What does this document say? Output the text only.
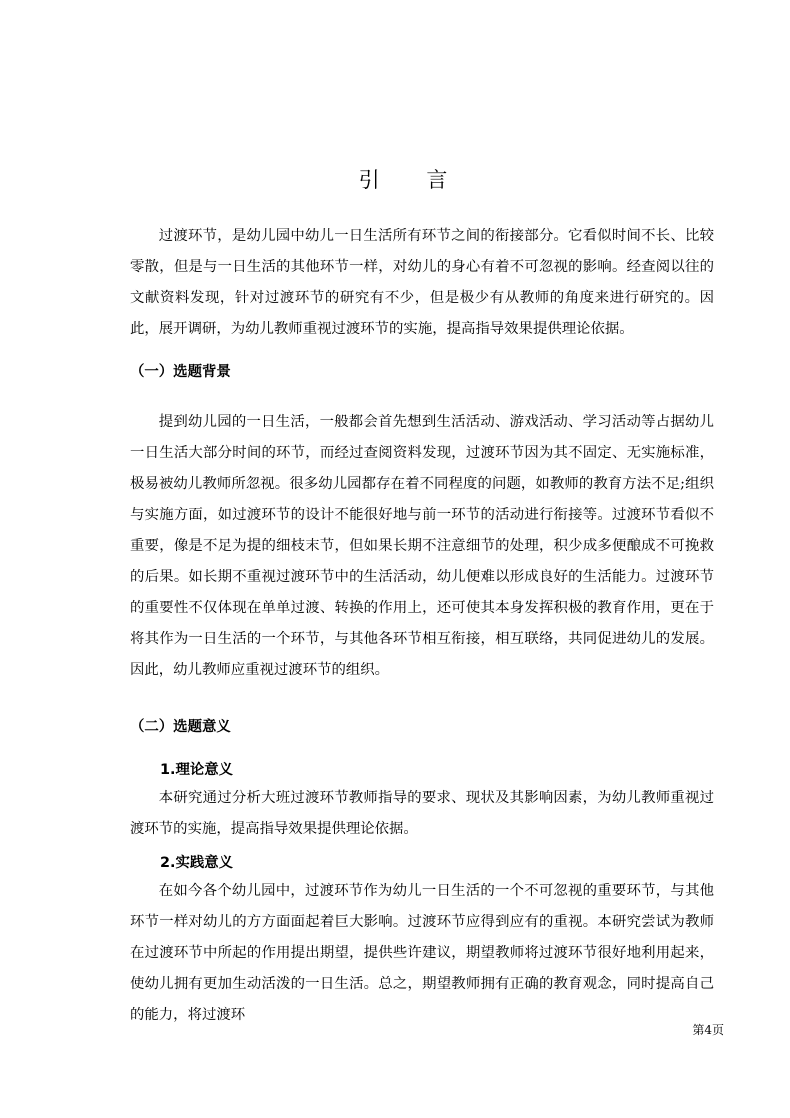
引 言

过渡环节，是幼儿园中幼儿一日生活所有环节之间的衔接部分。它看似时间不长、比较零散，但是与一日生活的其他环节一样，对幼儿的身心有着不可忽视的影响。经查阅以往的文献资料发现，针对过渡环节的研究有不少，但是极少有从教师的角度来进行研究的。因此，展开调研，为幼儿教师重视过渡环节的实施，提高指导效果提供理论依据。

（一）选题背景

提到幼儿园的一日生活，一般都会首先想到生活活动、游戏活动、学习活动等占据幼儿一日生活大部分时间的环节，而经过查阅资料发现，过渡环节因为其不固定、无实施标准，极易被幼儿教师所忽视。很多幼儿园都存在着不同程度的问题，如教师的教育方法不足;组织与实施方面，如过渡环节的设计不能很好地与前一环节的活动进行衔接等。过渡环节看似不重要，像是不足为提的细枝末节，但如果长期不注意细节的处理，积少成多便酿成不可挽救的后果。如长期不重视过渡环节中的生活活动，幼儿便难以形成良好的生活能力。过渡环节的重要性不仅体现在单单过渡、转换的作用上，还可使其本身发挥积极的教育作用，更在于将其作为一日生活的一个环节，与其他各环节相互衔接，相互联络，共同促进幼儿的发展。因此，幼儿教师应重视过渡环节的组织。

（二）选题意义
1.理论意义

本研究通过分析大班过渡环节教师指导的要求、现状及其影响因素，为幼儿教师重视过渡环节的实施，提高指导效果提供理论依据。

2.实践意义

在如今各个幼儿园中，过渡环节作为幼儿一日生活的一个不可忽视的重要环节，与其他环节一样对幼儿的方方面面起着巨大影响。过渡环节应得到应有的重视。本研究尝试为教师在过渡环节中所起的作用提出期望，提供些许建议，期望教师将过渡环节很好地利用起来，使幼儿拥有更加生动活泼的一日生活。总之，期望教师拥有正确的教育观念，同时提高自己的能力，将过渡环

第4页
